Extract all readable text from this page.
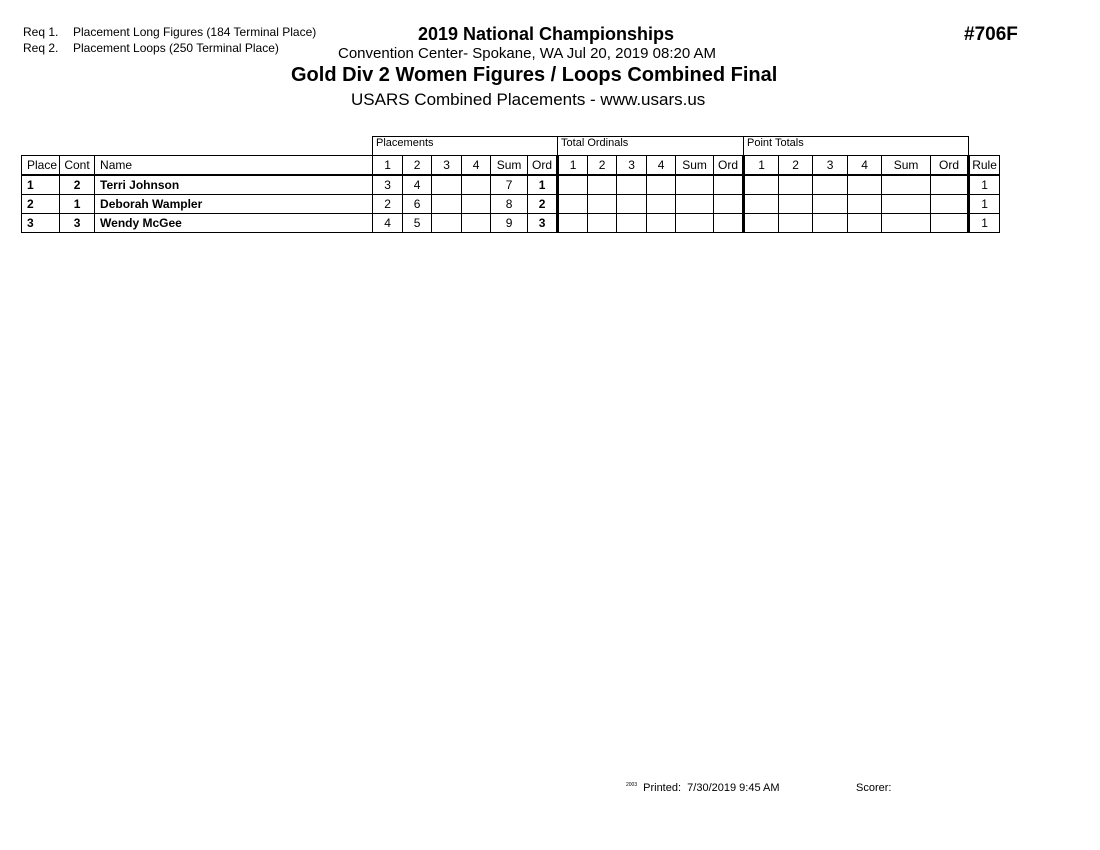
Req 1. Placement Long Figures (184 Terminal Place)
Req 2. Placement Loops (250 Terminal Place)
2019 National Championships	#706F
Convention Center- Spokane, WA Jul 20, 2019 08:20 AM
Gold Div 2 Women Figures / Loops Combined Final
USARS Combined Placements - www.usars.us
			Placements						Total Ordinals						Point Totals						
Place	Cont	Name	1	2	3	4	Sum	Ord	1	2	3	4	Sum	Ord	1	2	3	4	Sum	Ord	Rule
1	2	Terri Johnson	3	4			7	1													1
2	1	Deborah Wampler	2	6			8	2													1
3	3	Wendy McGee	4	5			9	3													1
$^{2003}$ Printed: 7/30/2019 9:45 AM	Scorer:
